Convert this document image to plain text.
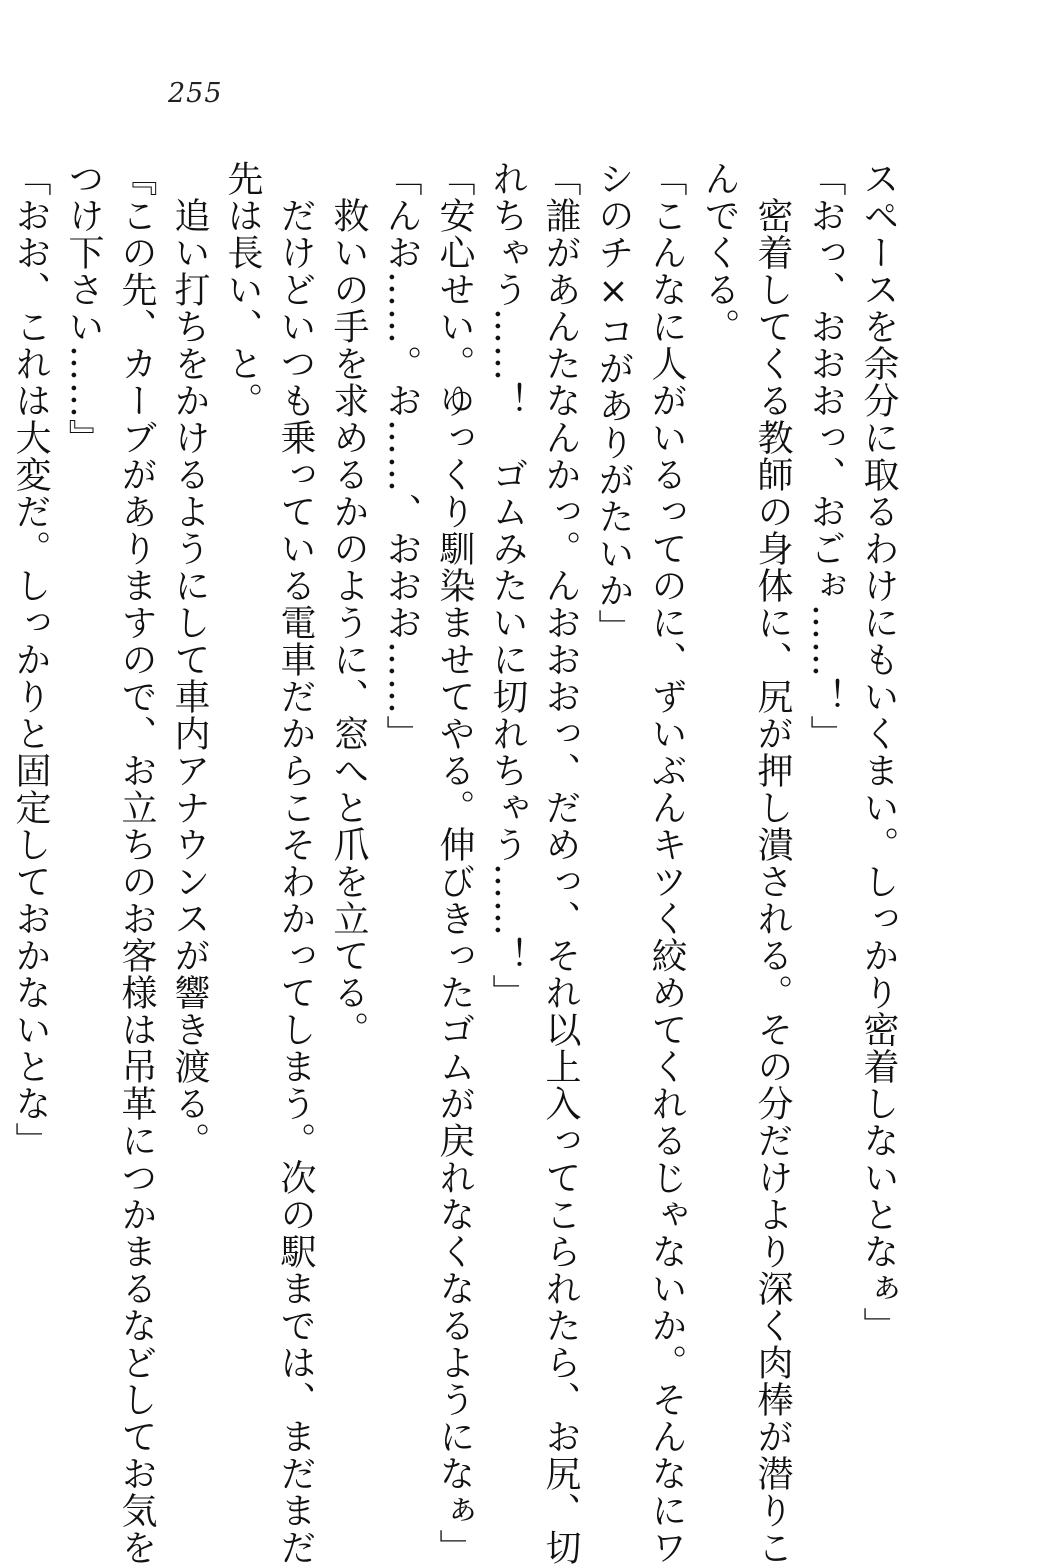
255
スペースを余分に取るわけにもいくまい。しっかり密着しないとなぁ」
「おっ、おおおっ、おごぉ……！」
　密着してくる教師の身体に、尻が押し潰される。その分だけより深く肉棒が潜りこ
んでくる。
「こんなに人がいるってのに、ずいぶんキツく絞めてくれるじゃないか。そんなにワ
シのチ×コがありがたいか」
「誰があんたなんかっ。んおおおっ、だめっ、それ以上入ってこられたら、お尻、切
れちゃう……！　ゴムみたいに切れちゃう……！」
「安心せい。ゆっくり馴染ませてやる。伸びきったゴムが戻れなくなるようになぁ」
「んお……。お……、おおお……」
　救いの手を求めるかのように、窓へと爪を立てる。
　だけどいつも乗っている電車だからこそわかってしまう。次の駅までは、まだまだ
先は長い、と。
　追い打ちをかけるようにして車内アナウンスが響き渡る。
『この先、カーブがありますので、お立ちのお客様は吊革につかまるなどしてお気を
つけ下さい……』
「おお、これは大変だ。しっかりと固定しておかないとな」
